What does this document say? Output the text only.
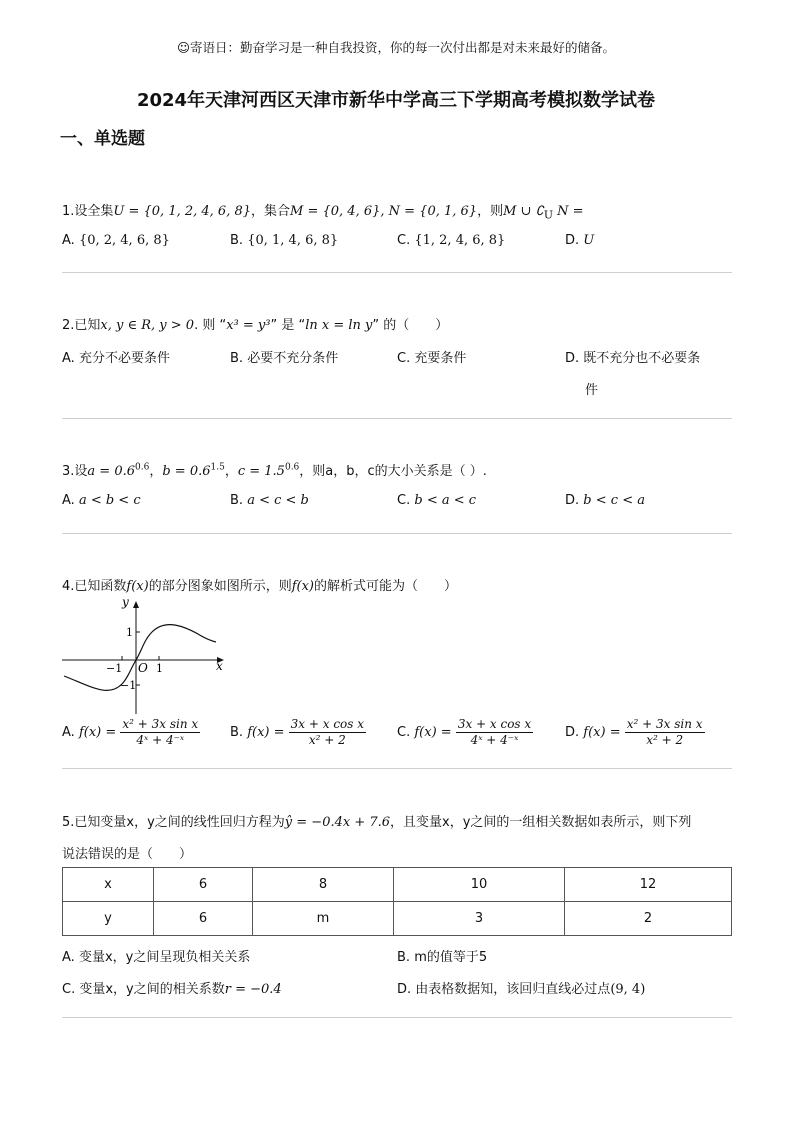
☺寄语日：勤奋学习是一种自我投资，你的每一次付出都是对未来最好的储备。
2024年天津河西区天津市新华中学高三下学期高考模拟数学试卷
一、单选题
1.设全集U = {0, 1, 2, 4, 6, 8}，集合M = {0, 4, 6}, N = {0, 1, 6}，则M ∪ $∁_U$ N =
A. {0, 2, 4, 6, 8}	B. {0, 1, 4, 6, 8}	C. {1, 2, 4, 6, 8}	D. U
2.已知x, y ∈ R, y > 0. 则 “x³ = y³” 是 “ln x = ln y” 的（　　）
A. 充分不必要条件	B. 必要不充分条件	C. 充要条件	D. 既不充分也不必要条
件
3.设$a = 0.6^{0.6}$，$b = 0.6^{1.5}$，$c = 1.5^{0.6}$，则a，b，c的大小关系是（ ）.
A. a < b < c	B. a < c < b	C. b < a < c	D. b < c < a
4.已知函数f(x)的部分图象如图所示，则f(x)的解析式可能为（　　）
y
x
O 1
−1
1
−1
A. $f(x) = \frac{\text{x² + 3x sin x}}{\text{4ˣ + 4⁻ˣ}} B$. $f(x) = \frac{\text{3x + x cos x}}{\text{x² + 2}} C$. $f(x) = \frac{\text{3x + x cos x}}{\text{4ˣ + 4⁻ˣ}} D$. $f(x) = \frac{\text{x² + 3x sin x}}{\text{x² + 2}}$
5.已知变量x，y之间的线性回归方程为ŷ = −0.4x + 7.6，且变量x，y之间的一组相关数据如表所示，则下列
说法错误的是（　　）
x	6	8	10	12
y	6	m	3	2
A. 变量x，y之间呈现负相关关系	B. m的值等于5
C. 变量x，y之间的相关系数r = −0.4	D. 由表格数据知，该回归直线必过点(9, 4)
